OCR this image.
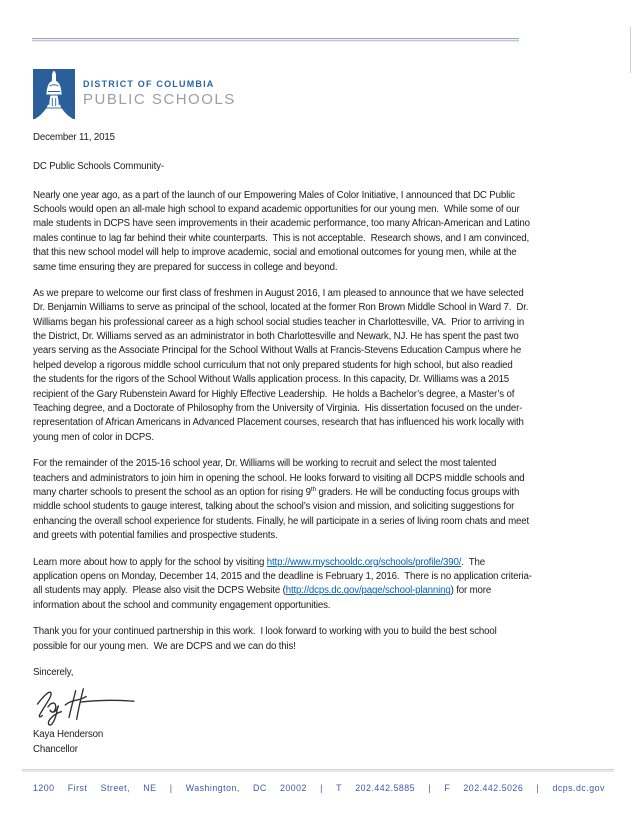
DISTRICT OF COLUMBIA
PUBLIC SCHOOLS
December 11, 2015
DC Public Schools Community-
Nearly one year ago, as a part of the launch of our Empowering Males of Color Initiative, I announced that DC Public
Schools would open an all-male high school to expand academic opportunities for our young men.  While some of our
male students in DCPS have seen improvements in their academic performance, too many African-American and Latino
males continue to lag far behind their white counterparts.  This is not acceptable.  Research shows, and I am convinced,
that this new school model will help to improve academic, social and emotional outcomes for young men, while at the
same time ensuring they are prepared for success in college and beyond.
As we prepare to welcome our first class of freshmen in August 2016, I am pleased to announce that we have selected
Dr. Benjamin Williams to serve as principal of the school, located at the former Ron Brown Middle School in Ward 7.  Dr.
Williams began his professional career as a high school social studies teacher in Charlottesville, VA.  Prior to arriving in
the District, Dr. Williams served as an administrator in both Charlottesville and Newark, NJ. He has spent the past two
years serving as the Associate Principal for the School Without Walls at Francis-Stevens Education Campus where he
helped develop a rigorous middle school curriculum that not only prepared students for high school, but also readied
the students for the rigors of the School Without Walls application process. In this capacity, Dr. Williams was a 2015
recipient of the Gary Rubenstein Award for Highly Effective Leadership.  He holds a Bachelor’s degree, a Master’s of
Teaching degree, and a Doctorate of Philosophy from the University of Virginia.  His dissertation focused on the under-
representation of African Americans in Advanced Placement courses, research that has influenced his work locally with
young men of color in DCPS.
For the remainder of the 2015-16 school year, Dr. Williams will be working to recruit and select the most talented
teachers and administrators to join him in opening the school. He looks forward to visiting all DCPS middle schools and
many charter schools to present the school as an option for rising 9th graders. He will be conducting focus groups with
middle school students to gauge interest, talking about the school’s vision and mission, and soliciting suggestions for
enhancing the overall school experience for students. Finally, he will participate in a series of living room chats and meet
and greets with potential families and prospective students.
Learn more about how to apply for the school by visiting http://www.myschooldc.org/schools/profile/390/.  The
application opens on Monday, December 14, 2015 and the deadline is February 1, 2016.  There is no application criteria-
all students may apply.  Please also visit the DCPS Website (http://dcps.dc.gov/page/school-planning) for more
information about the school and community engagement opportunities.
Thank you for your continued partnership in this work.  I look forward to working with you to build the best school
possible for our young men.  We are DCPS and we can do this!
Sincerely,
Kaya Henderson
Chancellor
1200 First Street, NE | Washington, DC 20002 | T 202.442.5885 | F 202.442.5026 | dcps.dc.gov
